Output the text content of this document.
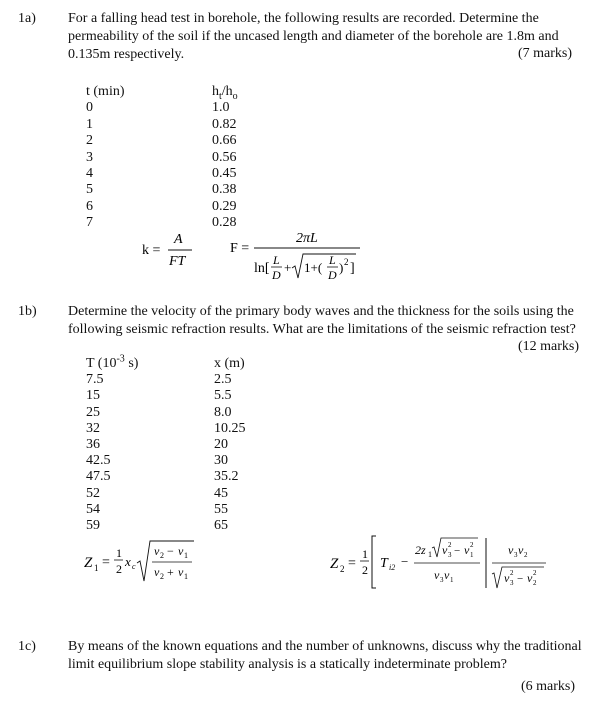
1a) For a falling head test in borehole, the following results are recorded. Determine the
permeability of the soil if the uncased length and diameter of the borehole are 1.8m and
0.135m respectively.	(7 marks)
t (min)
0
1
2
3
4
5
6
7
$h_t/h_o$
1.0
0.82
0.66
0.56
0.45
0.38
0.29
0.28
k =
A
FT
F =
2πL
ln[
L
D + 1+( L
D ) 2 ]
1b) Determine the velocity of the primary body waves and the thickness for the soils using the
following seismic refraction results. What are the limitations of the seismic refraction test?
(12 marks)
T ($10^{-3}$ s)
7.5
15
25
32
36
42.5
47.5
52
54
59
x (m)
2.5
5.5
8.0
10.25
20
30
35.2
45
55
65
Z 1 =
1
2 x c
v 2 − v 1
v 2 + v 1
Z 2 =
1
2 T i2 −
2z 1 v 2
3 − v 2
1
v 3 v 1
v 3 v 2
v 2
3 − v 2
2
1c) By means of the known equations and the number of unknowns, discuss why the traditional
limit equilibrium slope stability analysis is a statically indeterminate problem?
(6 marks)
